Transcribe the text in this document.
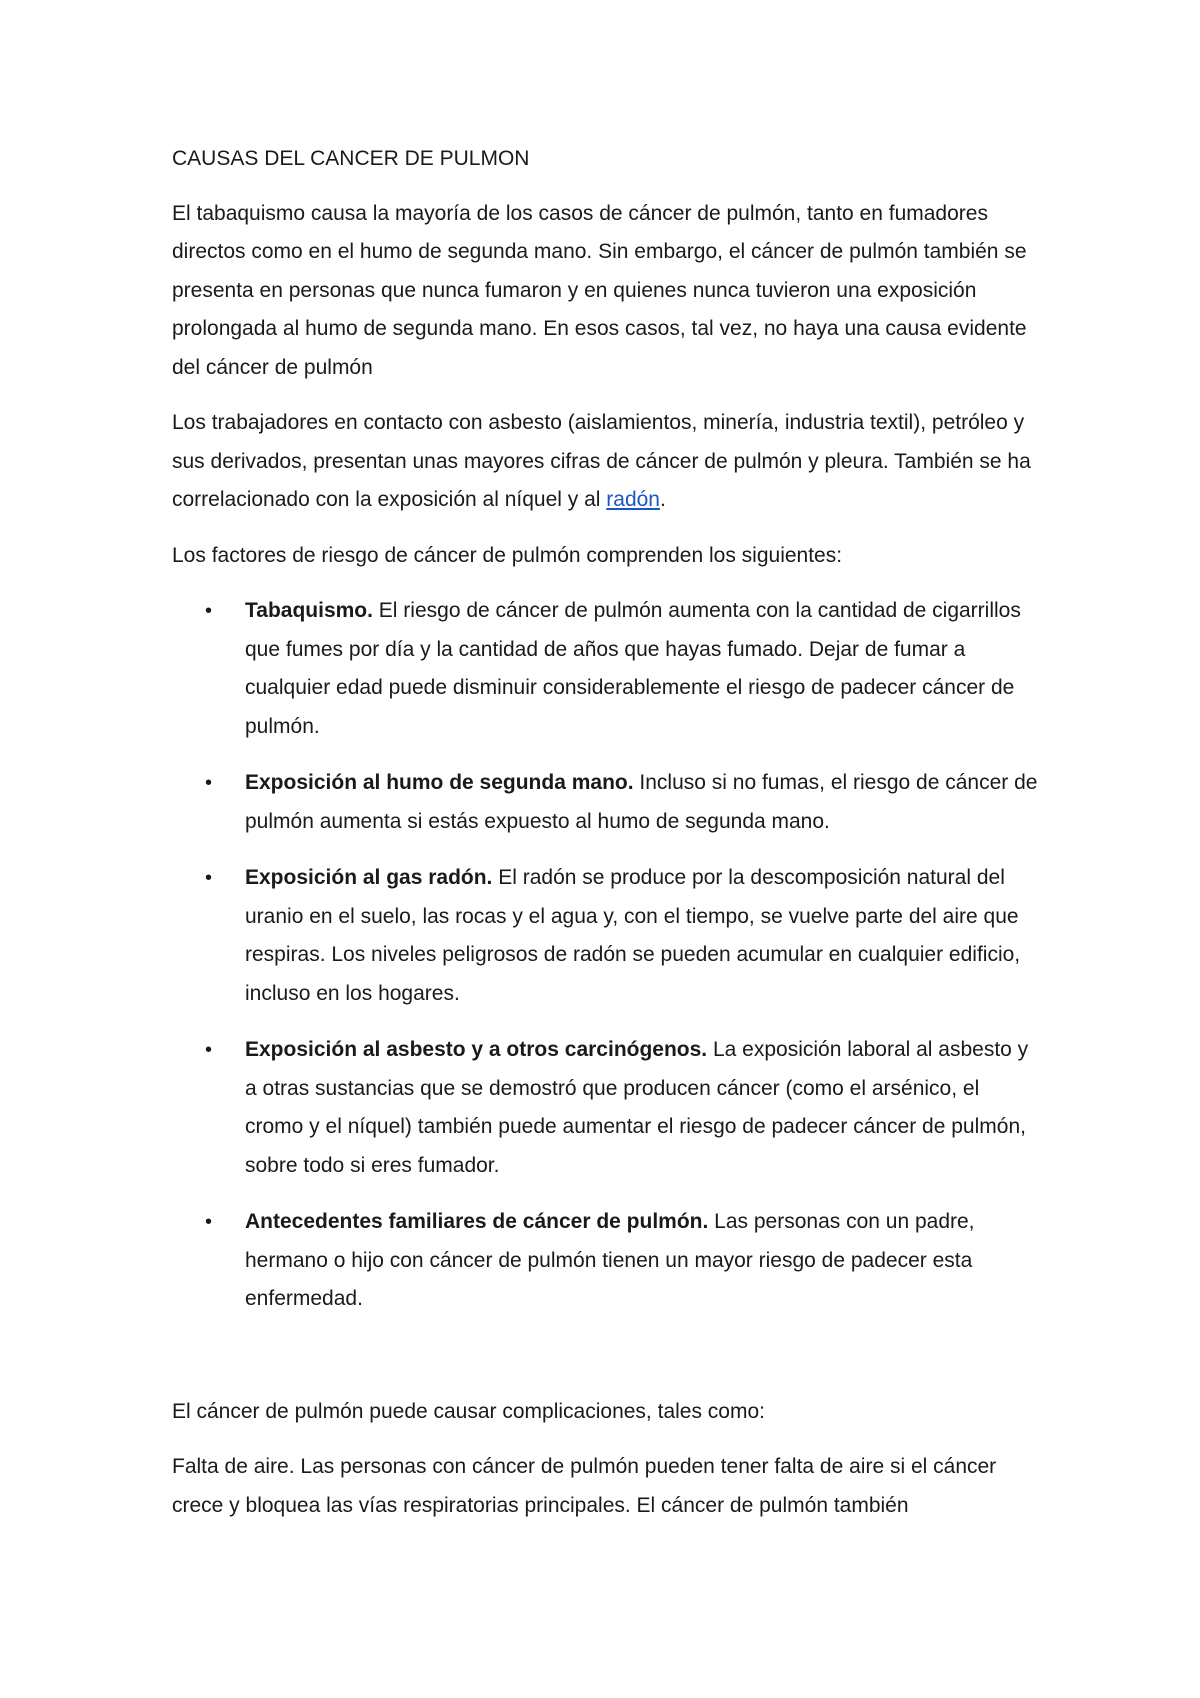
CAUSAS DEL CANCER DE PULMON

El tabaquismo causa la mayoría de los casos de cáncer de pulmón, tanto en fumadores directos como en el humo de segunda mano. Sin embargo, el cáncer de pulmón también se presenta en personas que nunca fumaron y en quienes nunca tuvieron una exposición prolongada al humo de segunda mano. En esos casos, tal vez, no haya una causa evidente del cáncer de pulmón

Los trabajadores en contacto con asbesto (aislamientos, minería, industria textil), petróleo y sus derivados, presentan unas mayores cifras de cáncer de pulmón y pleura. También se ha correlacionado con la exposición al níquel y al radón.

Los factores de riesgo de cáncer de pulmón comprenden los siguientes:

• Tabaquismo. El riesgo de cáncer de pulmón aumenta con la cantidad de cigarrillos que fumes por día y la cantidad de años que hayas fumado. Dejar de fumar a cualquier edad puede disminuir considerablemente el riesgo de padecer cáncer de pulmón.
• Exposición al humo de segunda mano. Incluso si no fumas, el riesgo de cáncer de pulmón aumenta si estás expuesto al humo de segunda mano.
• Exposición al gas radón. El radón se produce por la descomposición natural del uranio en el suelo, las rocas y el agua y, con el tiempo, se vuelve parte del aire que respiras. Los niveles peligrosos de radón se pueden acumular en cualquier edificio, incluso en los hogares.
• Exposición al asbesto y a otros carcinógenos. La exposición laboral al asbesto y a otras sustancias que se demostró que producen cáncer (como el arsénico, el cromo y el níquel) también puede aumentar el riesgo de padecer cáncer de pulmón, sobre todo si eres fumador.
• Antecedentes familiares de cáncer de pulmón. Las personas con un padre, hermano o hijo con cáncer de pulmón tienen un mayor riesgo de padecer esta enfermedad.

El cáncer de pulmón puede causar complicaciones, tales como:

Falta de aire. Las personas con cáncer de pulmón pueden tener falta de aire si el cáncer crece y bloquea las vías respiratorias principales. El cáncer de pulmón también
